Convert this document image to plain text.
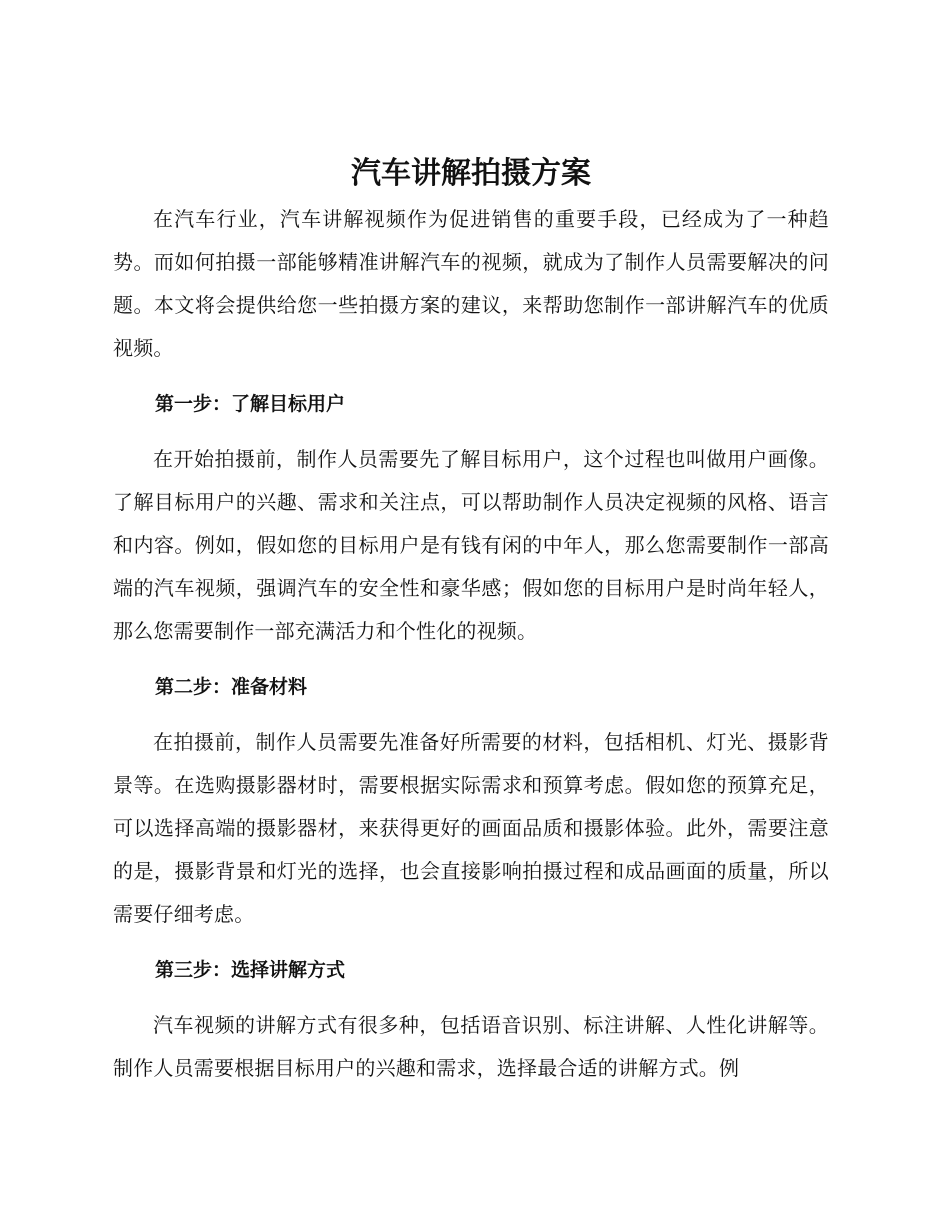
汽车讲解拍摄方案

在汽车行业，汽车讲解视频作为促进销售的重要手段，已经成为了一种趋势。而如何拍摄一部能够精准讲解汽车的视频，就成为了制作人员需要解决的问题。本文将会提供给您一些拍摄方案的建议，来帮助您制作一部讲解汽车的优质视频。

第一步：了解目标用户

在开始拍摄前，制作人员需要先了解目标用户，这个过程也叫做用户画像。了解目标用户的兴趣、需求和关注点，可以帮助制作人员决定视频的风格、语言和内容。例如，假如您的目标用户是有钱有闲的中年人，那么您需要制作一部高端的汽车视频，强调汽车的安全性和豪华感；假如您的目标用户是时尚年轻人，那么您需要制作一部充满活力和个性化的视频。

第二步：准备材料

在拍摄前，制作人员需要先准备好所需要的材料，包括相机、灯光、摄影背景等。在选购摄影器材时，需要根据实际需求和预算考虑。假如您的预算充足，可以选择高端的摄影器材，来获得更好的画面品质和摄影体验。此外，需要注意的是，摄影背景和灯光的选择，也会直接影响拍摄过程和成品画面的质量，所以需要仔细考虑。

第三步：选择讲解方式

汽车视频的讲解方式有很多种，包括语音识别、标注讲解、人性化讲解等。制作人员需要根据目标用户的兴趣和需求，选择最合适的讲解方式。例
